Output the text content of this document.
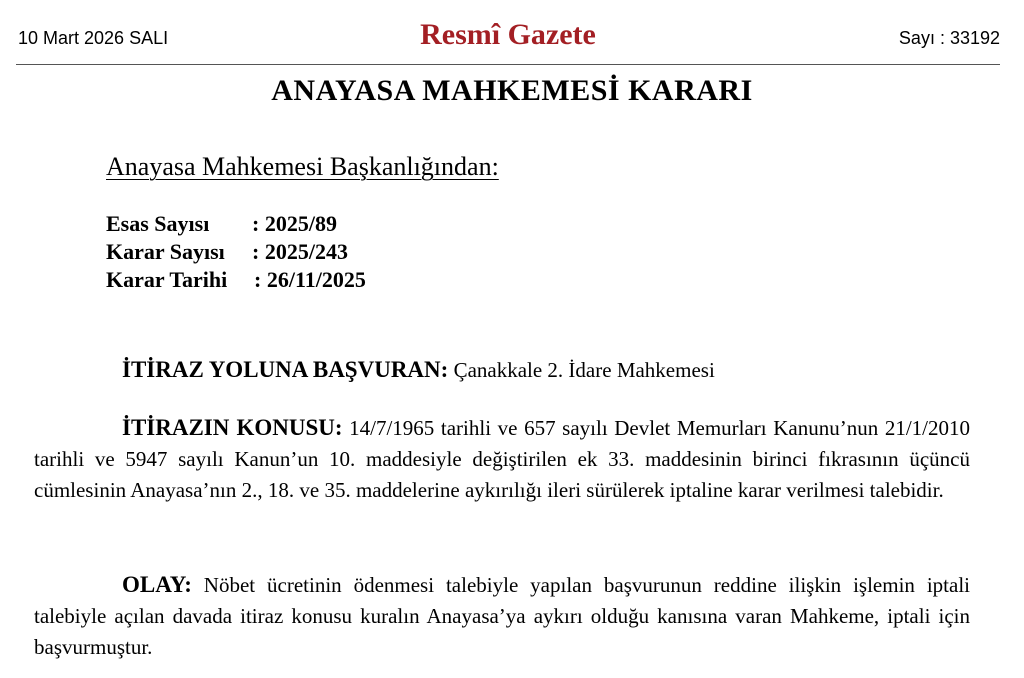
10 Mart 2026 SALI	Resmî Gazete	Sayı : 33192
ANAYASA MAHKEMESİ KARARI
Anayasa Mahkemesi Başkanlığından:
Esas Sayısı : 2025/89
Karar Sayısı : 2025/243
Karar Tarihi : 26/11/2025
İTİRAZ YOLUNA BAŞVURAN: Çanakkale 2. İdare Mahkemesi
İTİRAZIN KONUSU: 14/7/1965 tarihli ve 657 sayılı Devlet Memurları Kanunu’nun 21/1/2010 tarihli ve 5947 sayılı Kanun’un 10. maddesiyle değiştirilen ek 33. maddesinin birinci fıkrasının üçüncü cümlesinin Anayasa’nın 2., 18. ve 35. maddelerine aykırılığı ileri sürülerek iptaline karar verilmesi talebidir.
OLAY: Nöbet ücretinin ödenmesi talebiyle yapılan başvurunun reddine ilişkin işlemin iptali talebiyle açılan davada itiraz konusu kuralın Anayasa’ya aykırı olduğu kanısına varan Mahkeme, iptali için başvurmuştur.
